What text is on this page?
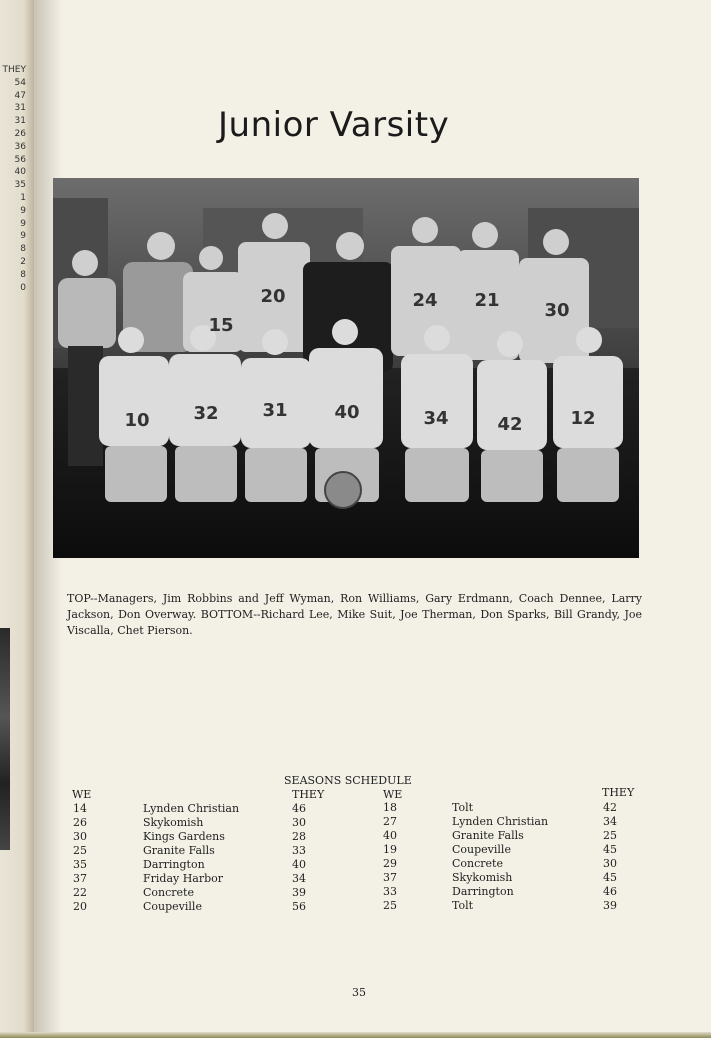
THEY
54
47
31
31
26
36
56
40
35
1
9
9
9
8
2
8
0
Junior Varsity
15
20	24 21 30
10 32 31	40	34	42	12

TOP--Managers, Jim Robbins and Jeff Wyman, Ron Williams, Gary Erdmann, Coach Dennee, Larry Jackson, Don Overway. BOTTOM--Richard Lee, Mike Suit, Joe Therman, Don Sparks, Bill Grandy, Joe Viscalla, Chet Pierson.

SEASONS SCHEDULE
WE	THEY
14	Lynden Christian	46
26	Skykomish	30
30	Kings Gardens	28
25	Granite Falls	33
35	Darrington	40
37	Friday Harbor	34
22	Concrete	39
20	Coupeville	56
WE	THEY
18	Tolt	42
27	Lynden Christian	34
40	Granite Falls	25
19	Coupeville	45
29	Concrete	30
37	Skykomish	45
33	Darrington	46
25	Tolt	39
35
